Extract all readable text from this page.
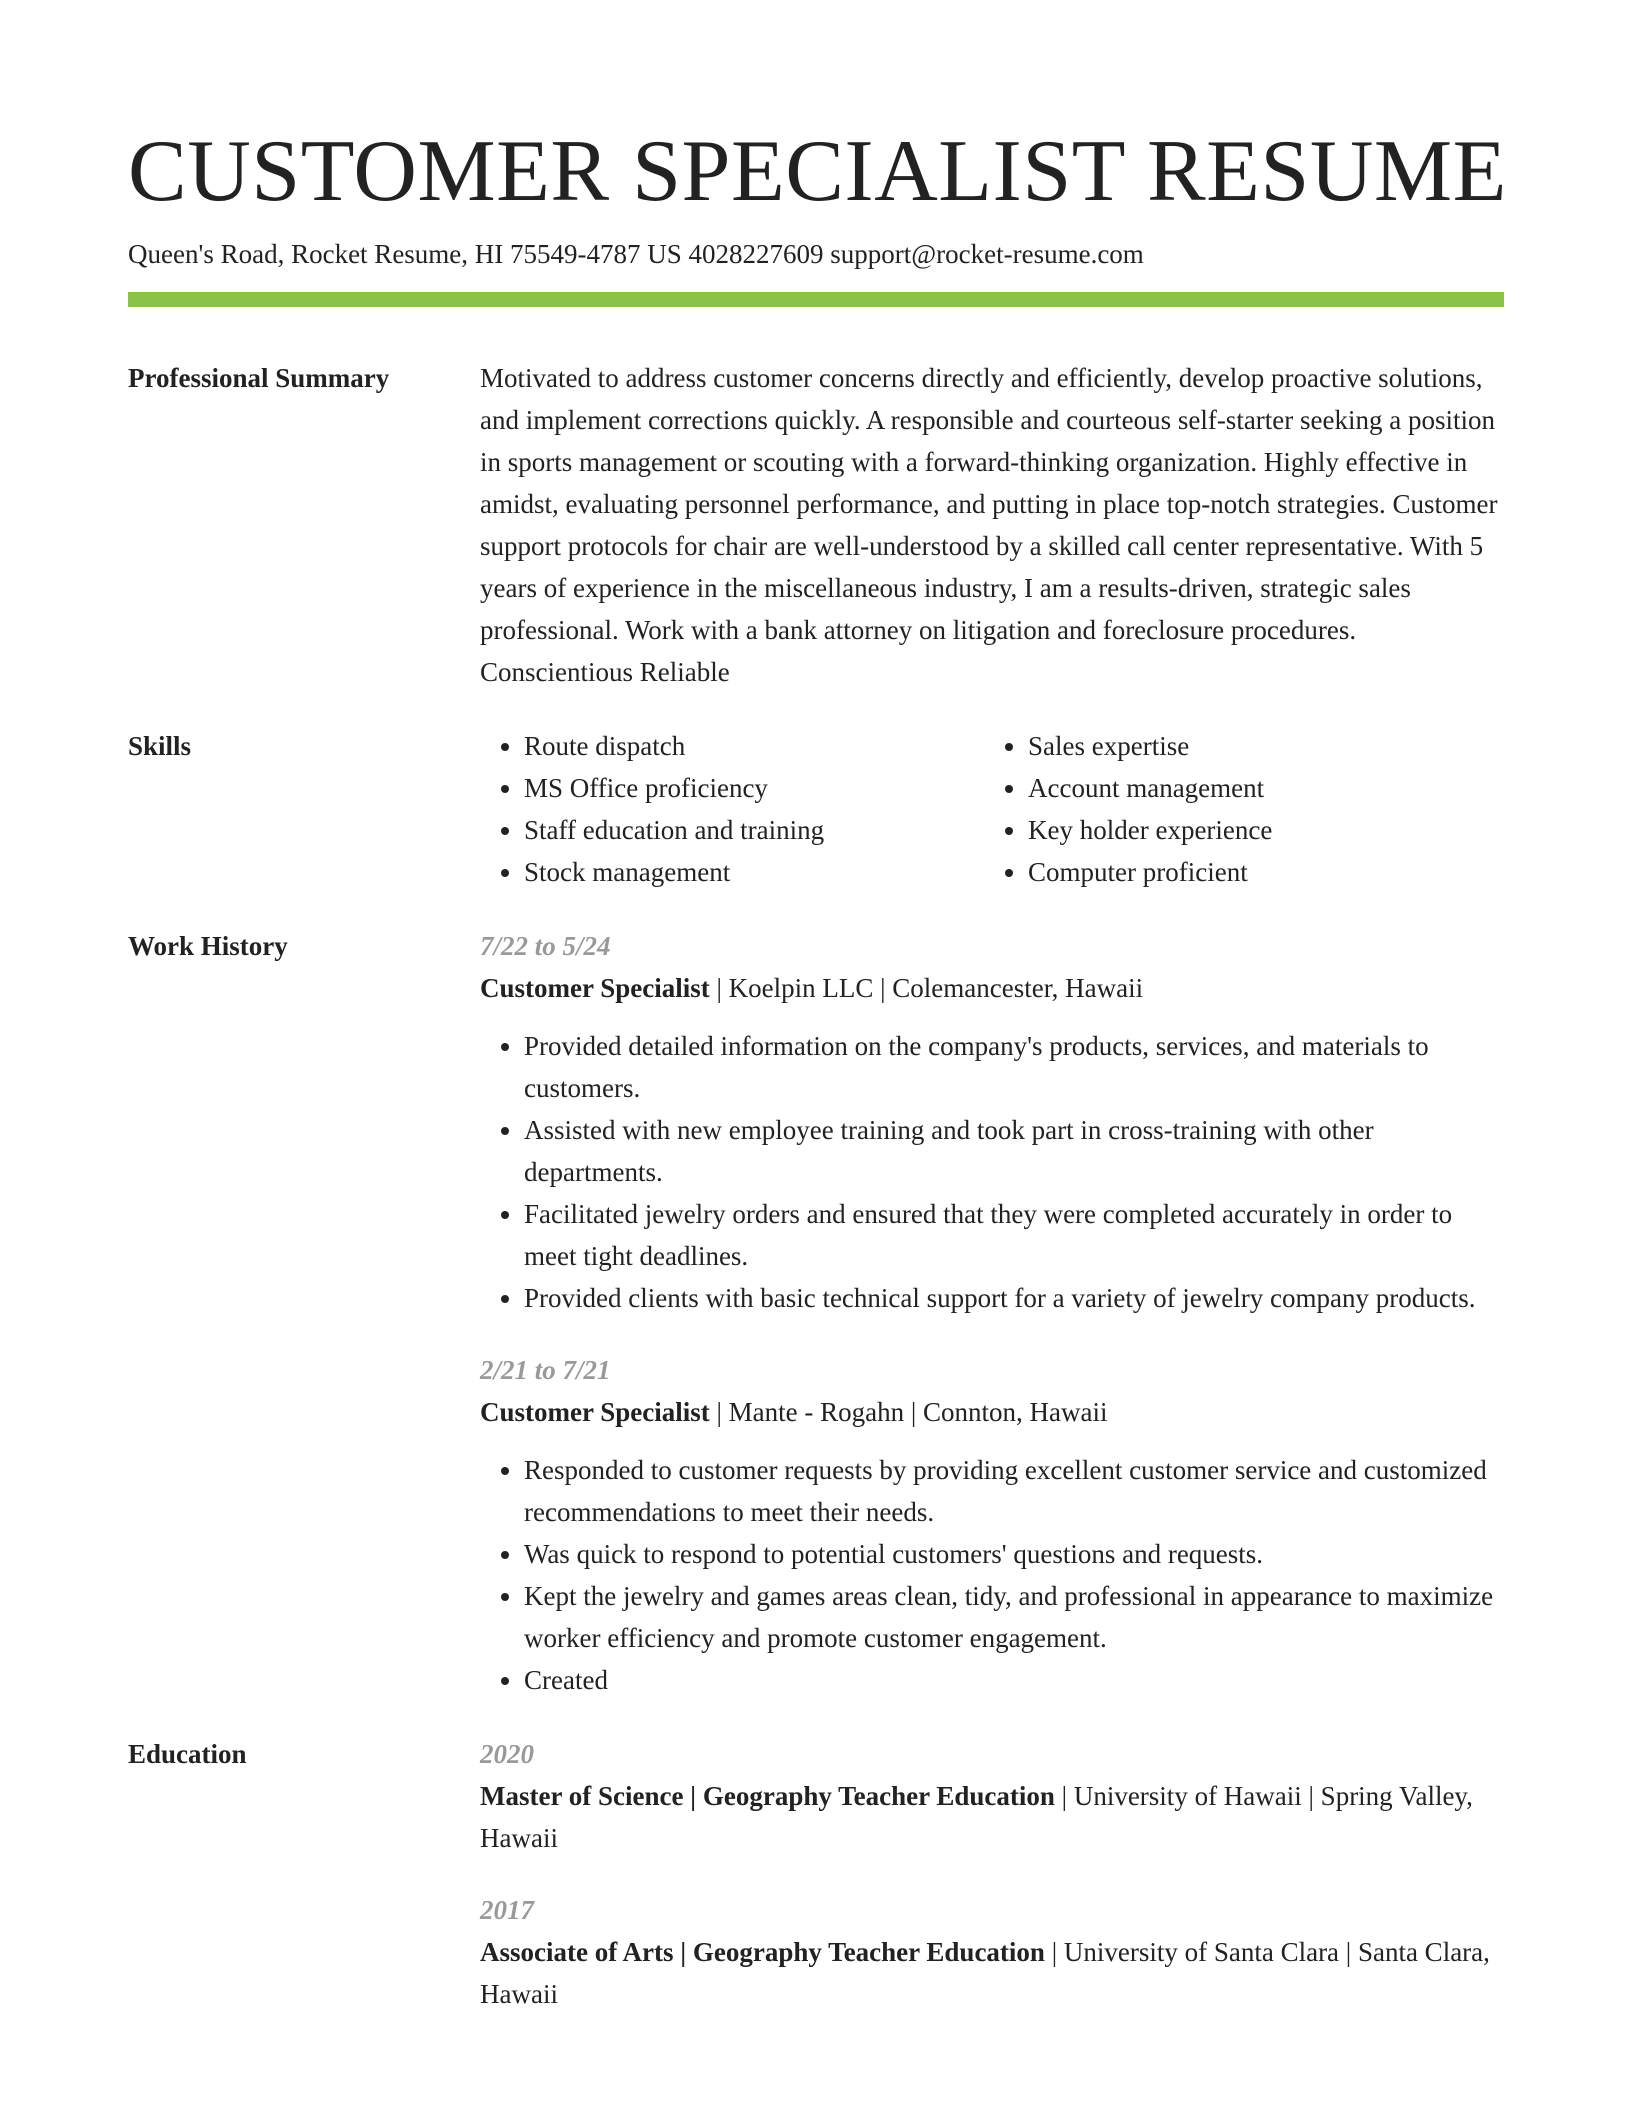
CUSTOMER SPECIALIST RESUME
Queen's Road, Rocket Resume, HI 75549-4787 US 4028227609 support@rocket-resume.com
Professional Summary	Motivated to address customer concerns directly and efficiently, develop proactive solutions, and implement corrections quickly. A responsible and courteous self-starter seeking a position in sports management or scouting with a forward-thinking organization. Highly effective in amidst, evaluating personnel performance, and putting in place top-notch strategies. Customer support protocols for chair are well-understood by a skilled call center representative. With 5 years of experience in the miscellaneous industry, I am a results-driven, strategic sales professional. Work with a bank attorney on litigation and foreclosure procedures. Conscientious Reliable
Skills
•	Route dispatch
• MS Office proficiency
• Staff education and training
• Stock management
• Sales expertise
• Account management
• Key holder experience
• Computer proficient
Work History	7/22 to 5/24
Customer Specialist | Koelpin LLC | Colemancester, Hawaii
• Provided detailed information on the company's products, services, and materials to customers.
• Assisted with new employee training and took part in cross-training with other departments.
• Facilitated jewelry orders and ensured that they were completed accurately in order to meet tight deadlines.
• Provided clients with basic technical support for a variety of jewelry company products.
2/21 to 7/21
Customer Specialist | Mante - Rogahn | Connton, Hawaii
• Responded to customer requests by providing excellent customer service and customized recommendations to meet their needs.
• Was quick to respond to potential customers' questions and requests.
• Kept the jewelry and games areas clean, tidy, and professional in appearance to maximize worker efficiency and promote customer engagement.
• Created
Education	2020
Master of Science | Geography Teacher Education | University of Hawaii | Spring Valley, Hawaii
2017
Associate of Arts | Geography Teacher Education | University of Santa Clara | Santa Clara, Hawaii
